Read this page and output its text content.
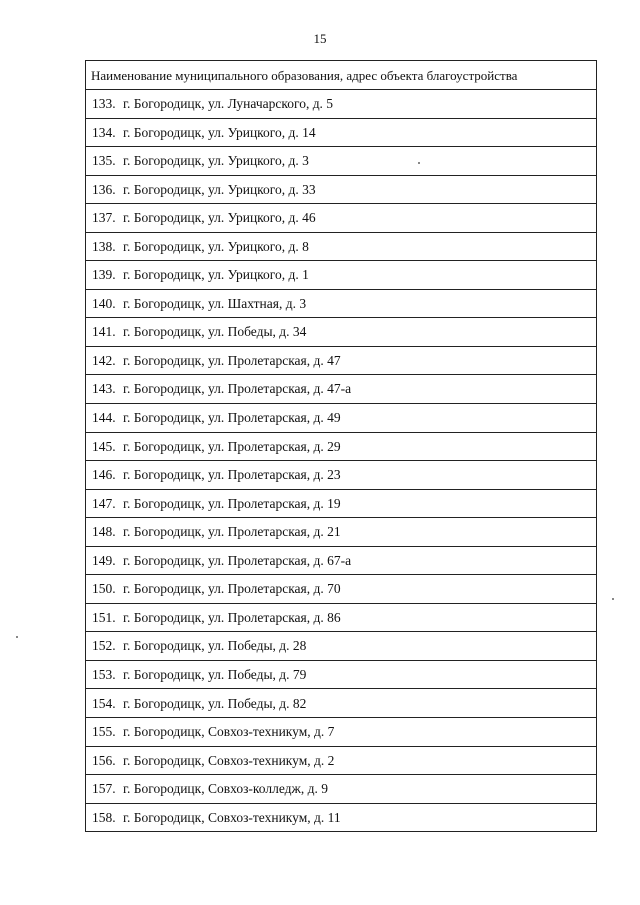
15
Наименование муниципального образования, адрес объекта благоустройства
133. г. Богородицк, ул. Луначарского, д. 5
134. г. Богородицк, ул. Урицкого, д. 14
135. г. Богородицк, ул. Урицкого, д. 3
136. г. Богородицк, ул. Урицкого, д. 33
137. г. Богородицк, ул. Урицкого, д. 46
138. г. Богородицк, ул. Урицкого, д. 8
139. г. Богородицк, ул. Урицкого, д. 1
140. г. Богородицк, ул. Шахтная, д. 3
141. г. Богородицк, ул. Победы, д. 34
142. г. Богородицк, ул. Пролетарская, д. 47
143. г. Богородицк, ул. Пролетарская, д. 47-а
144. г. Богородицк, ул. Пролетарская, д. 49
145. г. Богородицк, ул. Пролетарская, д. 29
146. г. Богородицк, ул. Пролетарская, д. 23
147. г. Богородицк, ул. Пролетарская, д. 19
148. г. Богородицк, ул. Пролетарская, д. 21
149. г. Богородицк, ул. Пролетарская, д. 67-а
150. г. Богородицк, ул. Пролетарская, д. 70
151. г. Богородицк, ул. Пролетарская, д. 86
152. г. Богородицк, ул. Победы, д. 28
153. г. Богородицк, ул. Победы, д. 79
154. г. Богородицк, ул. Победы, д. 82
155. г. Богородицк, Совхоз-техникум, д. 7
156. г. Богородицк, Совхоз-техникум, д. 2
157. г. Богородицк, Совхоз-колледж, д. 9
158. г. Богородицк, Совхоз-техникум, д. 11
